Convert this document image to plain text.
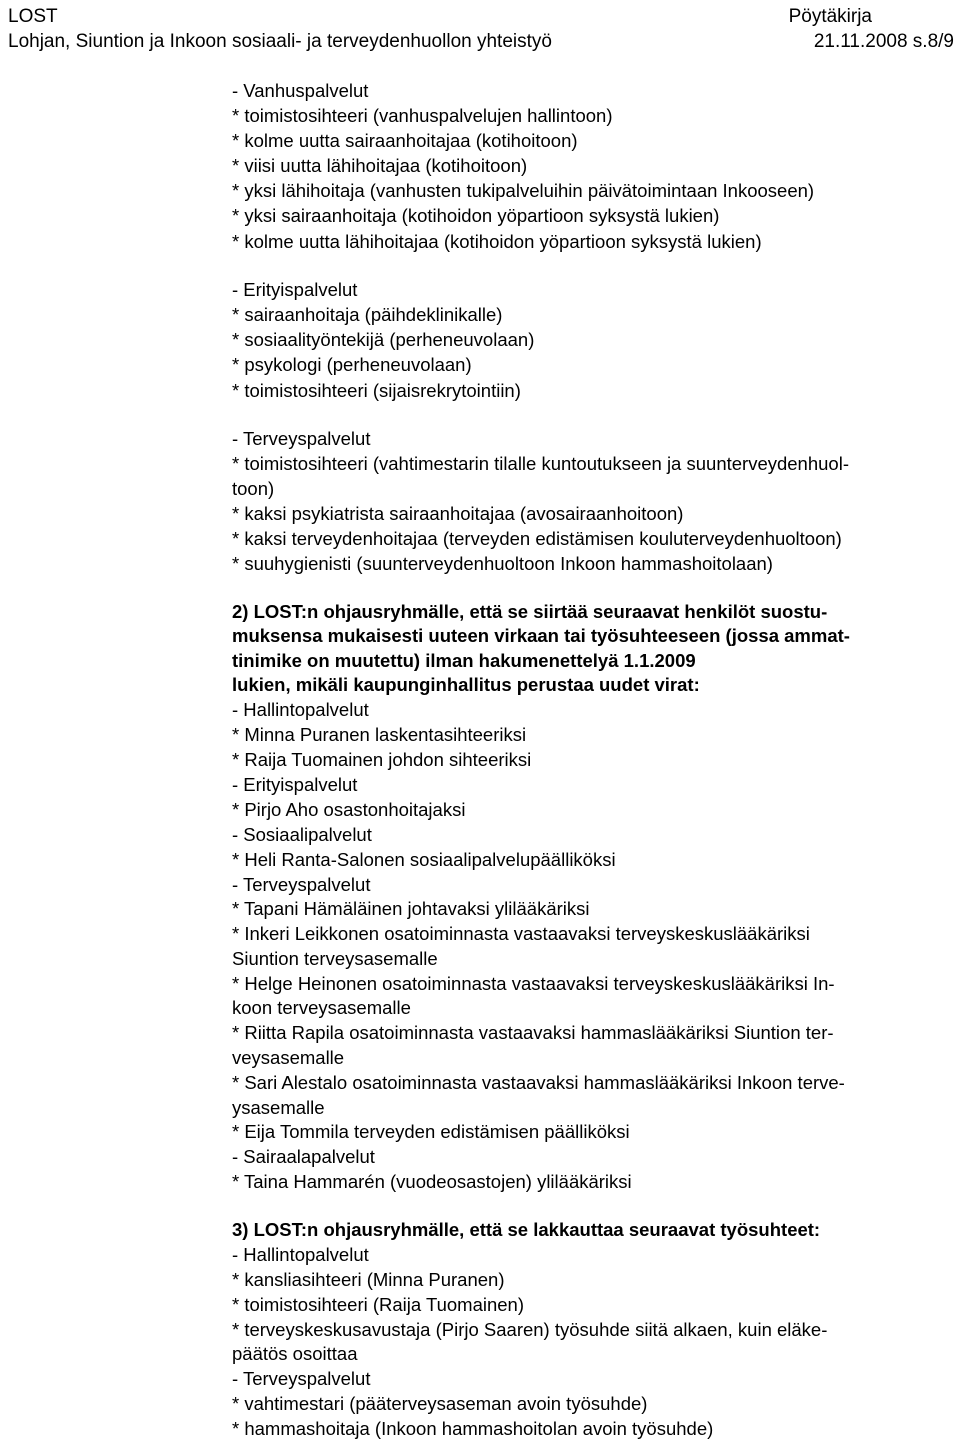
LOST
Lohjan, Siuntion ja Inkoon sosiaali- ja terveydenhuollon yhteistyö
Pöytäkirja
21.11.2008 s.8/9
- Vanhuspalvelut
* toimistosihteeri (vanhuspalvelujen hallintoon)
* kolme uutta sairaanhoitajaa (kotihoitoon)
* viisi uutta lähihoitajaa (kotihoitoon)
* yksi lähihoitaja (vanhusten tukipalveluihin päivätoimintaan Inkooseen)
* yksi sairaanhoitaja (kotihoidon yöpartioon syksystä lukien)
* kolme uutta lähihoitajaa (kotihoidon yöpartioon syksystä lukien)
- Erityispalvelut
* sairaanhoitaja (päihdeklinikalle)
* sosiaalityöntekijä (perheneuvolaan)
* psykologi (perheneuvolaan)
* toimistosihteeri (sijaisrekrytointiin)
- Terveyspalvelut
* toimistosihteeri (vahtimestarin tilalle kuntoutukseen ja suunterveydenhuol-
toon)
* kaksi psykiatrista sairaanhoitajaa (avosairaanhoitoon)
* kaksi terveydenhoitajaa (terveyden edistämisen kouluterveydenhuoltoon)
* suuhygienisti (suunterveydenhuoltoon Inkoon hammashoitolaan)
2) LOST:n ohjausryhmälle, että se siirtää seuraavat henkilöt suostu-
muksensa mukaisesti uuteen virkaan tai työsuhteeseen (jossa ammat-
tinimike on muutettu) ilman hakumenettelyä 1.1.2009
lukien, mikäli kaupunginhallitus perustaa uudet virat:
- Hallintopalvelut
* Minna Puranen laskentasihteeriksi
* Raija Tuomainen johdon sihteeriksi
- Erityispalvelut
* Pirjo Aho osastonhoitajaksi
- Sosiaalipalvelut
* Heli Ranta-Salonen sosiaalipalvelupäälliköksi
- Terveyspalvelut
* Tapani Hämäläinen johtavaksi ylilääkäriksi
* Inkeri Leikkonen osatoiminnasta vastaavaksi terveyskeskuslääkäriksi
Siuntion terveysasemalle
* Helge Heinonen osatoiminnasta vastaavaksi terveyskeskuslääkäriksi In-
koon terveysasemalle
* Riitta Rapila osatoiminnasta vastaavaksi hammaslääkäriksi Siuntion ter-
veysasemalle
* Sari Alestalo osatoiminnasta vastaavaksi hammaslääkäriksi Inkoon terve-
ysasemalle
* Eija Tommila terveyden edistämisen päälliköksi
- Sairaalapalvelut
* Taina Hammarén (vuodeosastojen) ylilääkäriksi
3) LOST:n ohjausryhmälle, että se lakkauttaa seuraavat työsuhteet:
- Hallintopalvelut
* kansliasihteeri (Minna Puranen)
* toimistosihteeri (Raija Tuomainen)
* terveyskeskusavustaja (Pirjo Saaren) työsuhde siitä alkaen, kuin eläke-
päätös osoittaa
- Terveyspalvelut
* vahtimestari (pääterveysaseman avoin työsuhde)
* hammashoitaja (Inkoon hammashoitolan avoin työsuhde)
